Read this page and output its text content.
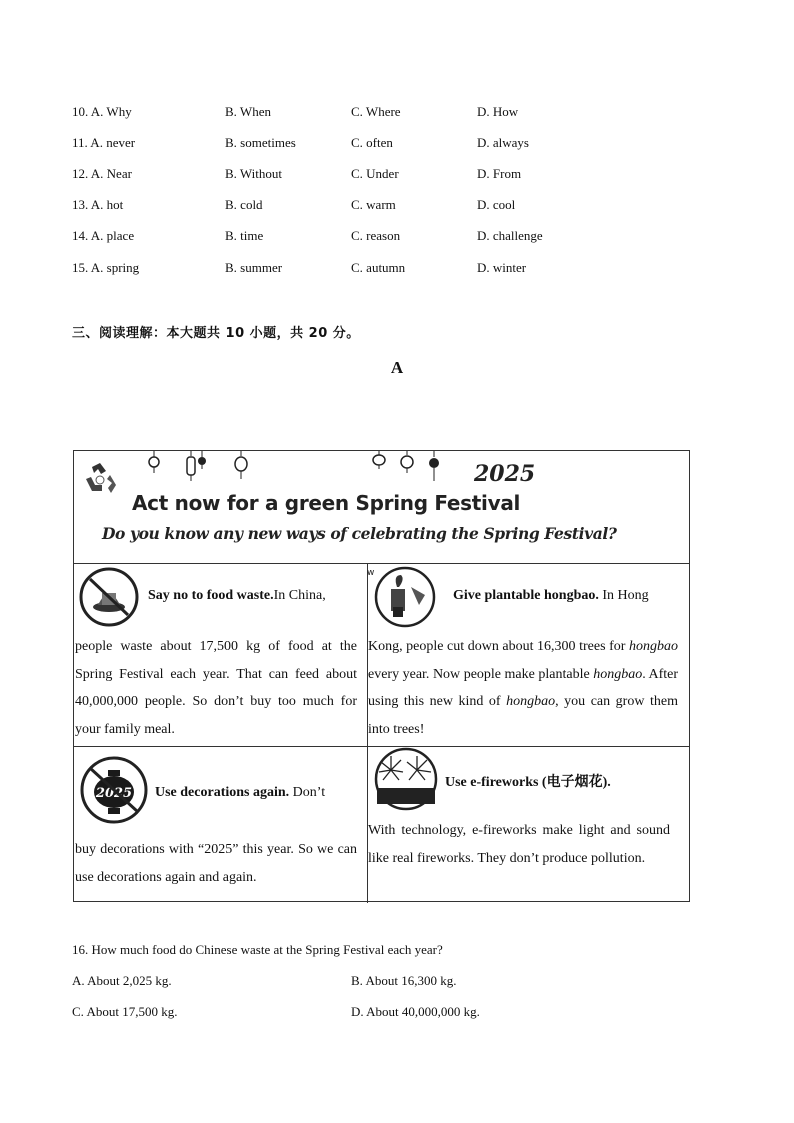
10. A. Why	B. When	C. Where	D. How
11. A. never	B. sometimes	C. often	D. always
12. A. Near	B. Without	C. Under	D. From
13. A. hot	B. cold	C. warm	D. cool
14. A. place	B. time	C. reason	D. challenge
15. A. spring	B. summer	C. autumn	D. winter
三、阅读理解：本大题共 10 小题，共 20 分。
A
2025
Act now for a green Spring Festival
Do you know any new ways of celebrating the Spring Festival?
Say no to food waste.In China,
people waste about 17,500 kg of food at the Spring Festival each year. That can feed about 40,000,000 people. So don’t buy too much for your family meal.
w
Give plantable hongbao. In Hong
Kong, people cut down about 16,300 trees for hongbao every year. Now people make plantable hongbao. After using this new kind of hongbao, you can grow them into trees!
2025 Use decorations again. Don’t
buy decorations with “2025” this year. So we can use decorations again and again.
Use e-fireworks (电子烟花).
With technology, e-fireworks make light and sound like real fireworks. They don’t produce pollution.
16. How much food do Chinese waste at the Spring Festival each year?
A. About 2,025 kg.	B. About 16,300 kg.
C. About 17,500 kg.	D. About 40,000,000 kg.
